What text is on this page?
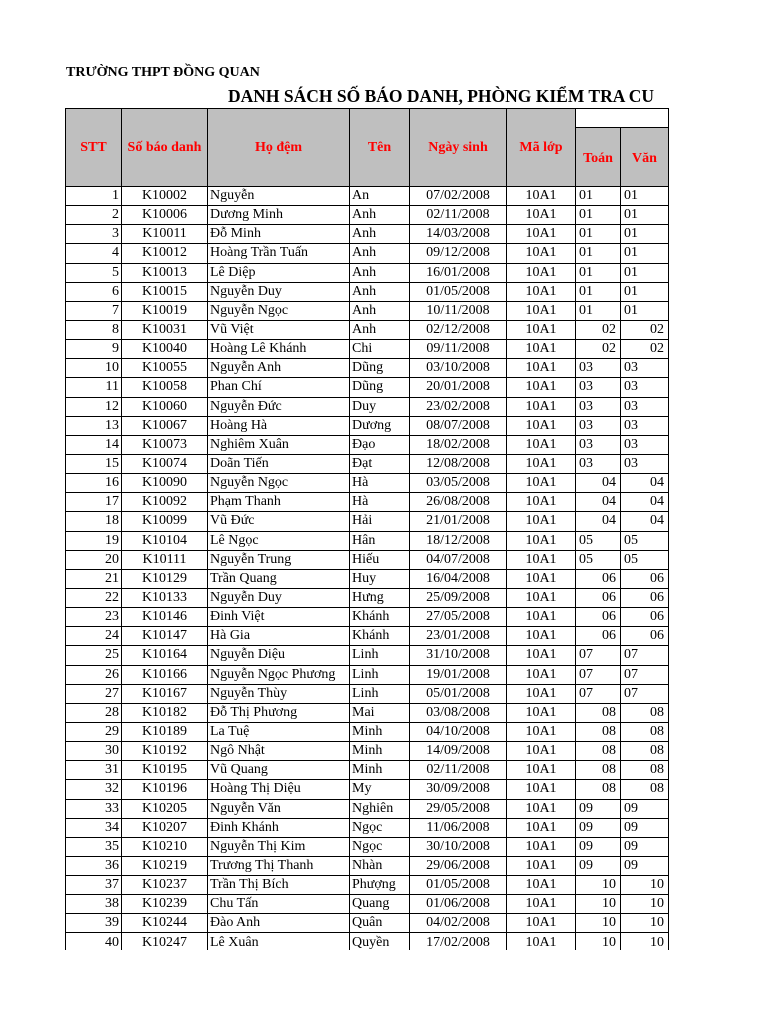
TRƯỜNG THPT ĐỒNG QUAN
DANH SÁCH SỐ BÁO DANH, PHÒNG KIỂM TRA CU
STT	Số báo danh	Họ đệm	Tên	Ngày sinh	Mã lớp		
						Toán	Văn
1	K10002	Nguyễn	An	07/02/2008	10A1	01	01
2	K10006	Dương Minh	Anh	02/11/2008	10A1	01	01
3	K10011	Đỗ Minh	Anh	14/03/2008	10A1	01	01
4	K10012	Hoàng Trần Tuấn	Anh	09/12/2008	10A1	01	01
5	K10013	Lê Diệp	Anh	16/01/2008	10A1	01	01
6	K10015	Nguyễn Duy	Anh	01/05/2008	10A1	01	01
7	K10019	Nguyễn Ngọc	Anh	10/11/2008	10A1	01	01
8	K10031	Vũ Việt	Anh	02/12/2008	10A1	02	02
9	K10040	Hoàng Lê Khánh	Chi	09/11/2008	10A1	02	02
10	K10055	Nguyễn Anh	Dũng	03/10/2008	10A1	03	03
11	K10058	Phan Chí	Dũng	20/01/2008	10A1	03	03
12	K10060	Nguyễn Đức	Duy	23/02/2008	10A1	03	03
13	K10067	Hoàng Hà	Dương	08/07/2008	10A1	03	03
14	K10073	Nghiêm Xuân	Đạo	18/02/2008	10A1	03	03
15	K10074	Doãn Tiến	Đạt	12/08/2008	10A1	03	03
16	K10090	Nguyễn Ngọc	Hà	03/05/2008	10A1	04	04
17	K10092	Phạm Thanh	Hà	26/08/2008	10A1	04	04
18	K10099	Vũ Đức	Hải	21/01/2008	10A1	04	04
19	K10104	Lê Ngọc	Hân	18/12/2008	10A1	05	05
20	K10111	Nguyễn Trung	Hiếu	04/07/2008	10A1	05	05
21	K10129	Trần Quang	Huy	16/04/2008	10A1	06	06
22	K10133	Nguyễn Duy	Hưng	25/09/2008	10A1	06	06
23	K10146	Đinh Việt	Khánh	27/05/2008	10A1	06	06
24	K10147	Hà Gia	Khánh	23/01/2008	10A1	06	06
25	K10164	Nguyễn Diệu	Linh	31/10/2008	10A1	07	07
26	K10166	Nguyễn Ngọc Phương	Linh	19/01/2008	10A1	07	07
27	K10167	Nguyễn Thùy	Linh	05/01/2008	10A1	07	07
28	K10182	Đỗ Thị Phương	Mai	03/08/2008	10A1	08	08
29	K10189	La Tuệ	Minh	04/10/2008	10A1	08	08
30	K10192	Ngô Nhật	Minh	14/09/2008	10A1	08	08
31	K10195	Vũ Quang	Minh	02/11/2008	10A1	08	08
32	K10196	Hoàng Thị Diệu	My	30/09/2008	10A1	08	08
33	K10205	Nguyễn Văn	Nghiên	29/05/2008	10A1	09	09
34	K10207	Đinh Khánh	Ngọc	11/06/2008	10A1	09	09
35	K10210	Nguyễn Thị Kim	Ngọc	30/10/2008	10A1	09	09
36	K10219	Trương Thị Thanh	Nhàn	29/06/2008	10A1	09	09
37	K10237	Trần Thị Bích	Phượng	01/05/2008	10A1	10	10
38	K10239	Chu Tấn	Quang	01/06/2008	10A1	10	10
39	K10244	Đào Anh	Quân	04/02/2008	10A1	10	10
40	K10247	Lê Xuân	Quyền	17/02/2008	10A1	10	10
